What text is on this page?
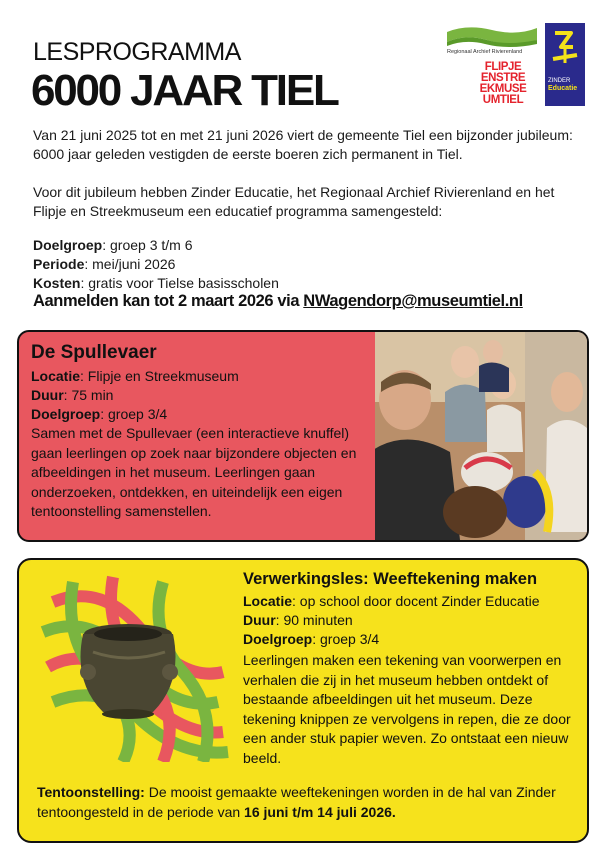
LESPROGRAMMA
6000 JAAR TIEL
Regionaal Archief Rivierenland
FLIPJE
ENSTRE
EKMUSE
UMTIEL
ZINDER
Educatie

Van 21 juni 2025 tot en met 21 juni 2026 viert de gemeente Tiel een bijzonder jubileum: 6000 jaar geleden vestigden de eerste boeren zich permanent in Tiel.

Voor dit jubileum hebben Zinder Educatie, het Regionaal Archief Rivierenland en het Flipje en Streekmuseum een educatief programma samengesteld:

Doelgroep: groep 3 t/m 6
Periode: mei/juni 2026
Kosten: gratis voor Tielse basisscholen
Aanmelden kan tot 2 maart 2026 via NWagendorp@museumtiel.nl
De Spullevaer
Locatie: Flipje en Streekmuseum
Duur: 75 min
Doelgroep: groep 3/4
Samen met de Spullevaer (een interactieve knuffel) gaan leerlingen op zoek naar bijzondere objecten en afbeeldingen in het museum. Leerlingen gaan onderzoeken, ontdekken, en uiteindelijk een eigen tentoonstelling samenstellen.
Verwerkingsles: Weeftekening maken
Locatie: op school door docent Zinder Educatie
Duur: 90 minuten
Doelgroep: groep 3/4
Leerlingen maken een tekening van voorwerpen en verhalen die zij in het museum hebben ontdekt of bestaande afbeeldingen uit het museum. Deze tekening knippen ze vervolgens in repen, die ze door een ander stuk papier weven. Zo ontstaat een nieuw beeld.
Tentoonstelling: De mooist gemaakte weeftekeningen worden in de hal van Zinder tentoongesteld in de periode van 16 juni t/m 14 juli 2026.
